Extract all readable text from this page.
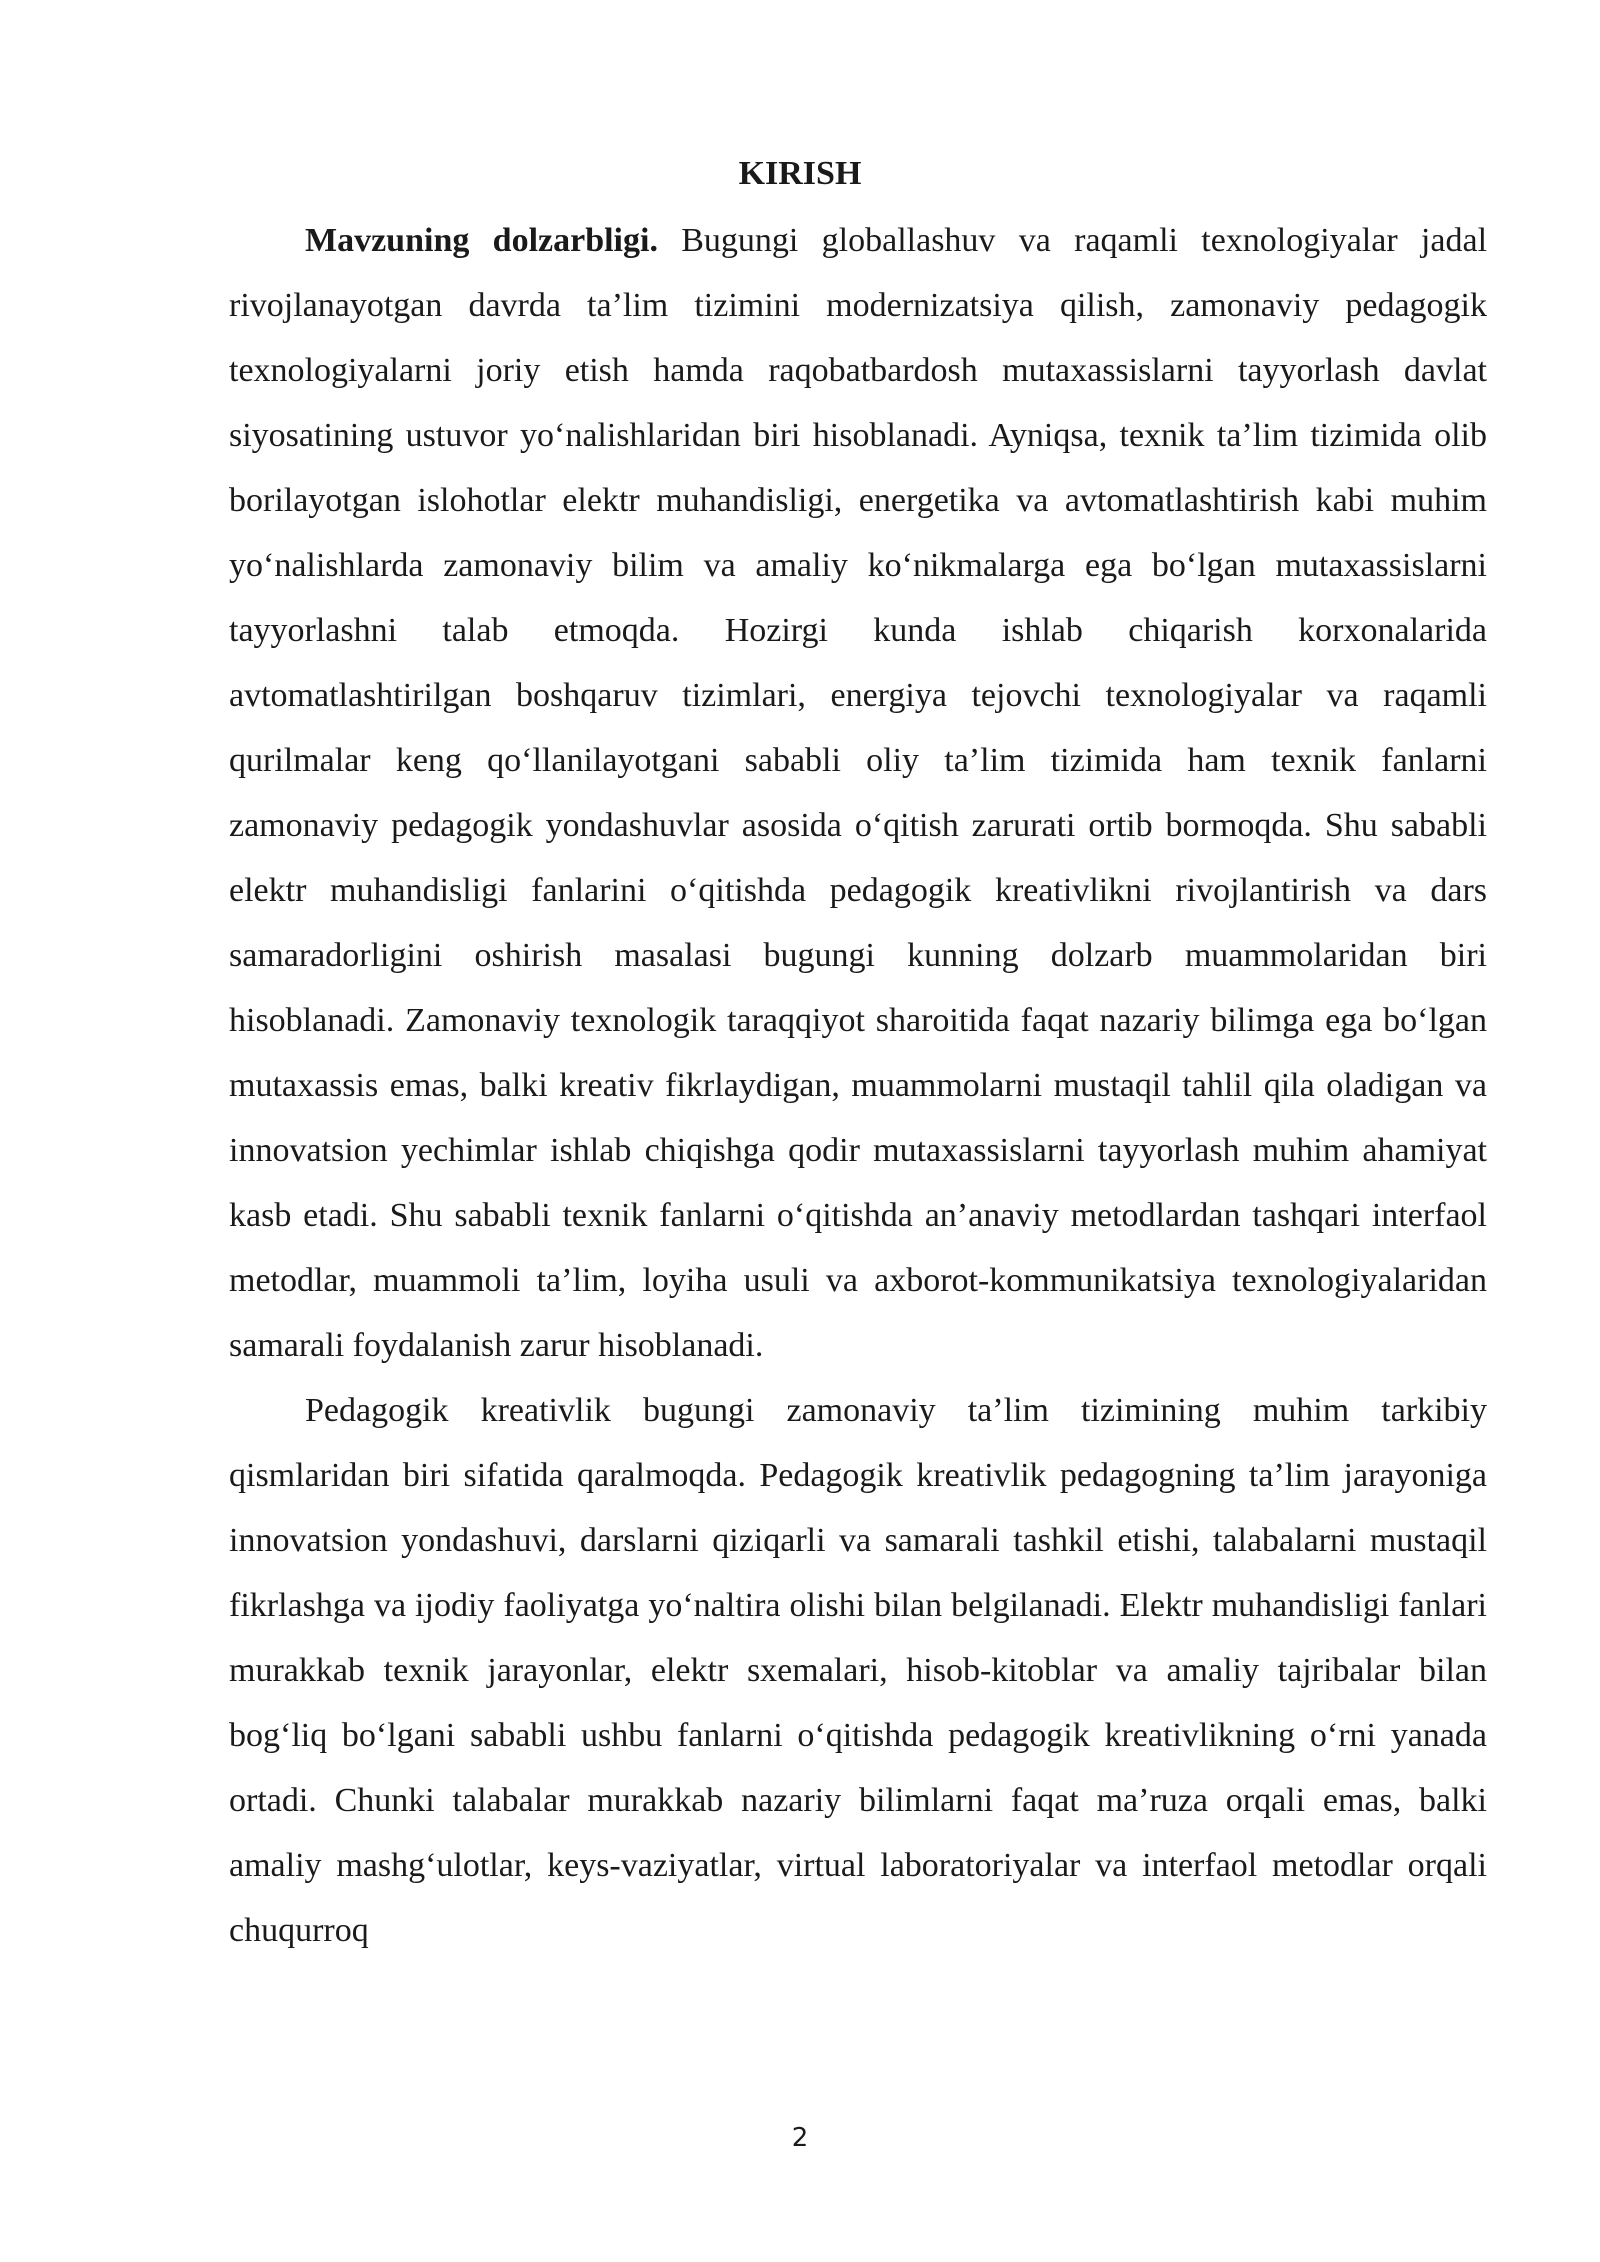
KIRISH

Mavzuning dolzarbligi. Bugungi globallashuv va raqamli texnologiyalar jadal rivojlanayotgan davrda ta’lim tizimini modernizatsiya qilish, zamonaviy pedagogik texnologiyalarni joriy etish hamda raqobatbardosh mutaxassislarni tayyorlash davlat siyosatining ustuvor yo‘nalishlaridan biri hisoblanadi. Ayniqsa, texnik ta’lim tizimida olib borilayotgan islohotlar elektr muhandisligi, energetika va avtomatlashtirish kabi muhim yo‘nalishlarda zamonaviy bilim va amaliy ko‘nikmalarga ega bo‘lgan mutaxassislarni tayyorlashni talab etmoqda. Hozirgi kunda ishlab chiqarish korxonalarida avtomatlashtirilgan boshqaruv tizimlari, energiya tejovchi texnologiyalar va raqamli qurilmalar keng qo‘llanilayotgani sababli oliy ta’lim tizimida ham texnik fanlarni zamonaviy pedagogik yondashuvlar asosida o‘qitish zarurati ortib bormoqda. Shu sababli elektr muhandisligi fanlarini o‘qitishda pedagogik kreativlikni rivojlantirish va dars samaradorligini oshirish masalasi bugungi kunning dolzarb muammolaridan biri hisoblanadi. Zamonaviy texnologik taraqqiyot sharoitida faqat nazariy bilimga ega bo‘lgan mutaxassis emas, balki kreativ fikrlaydigan, muammolarni mustaqil tahlil qila oladigan va innovatsion yechimlar ishlab chiqishga qodir mutaxassislarni tayyorlash muhim ahamiyat kasb etadi. Shu sababli texnik fanlarni o‘qitishda an’anaviy metodlardan tashqari interfaol metodlar, muammoli ta’lim, loyiha usuli va axborot-kommunikatsiya texnologiyalaridan samarali foydalanish zarur hisoblanadi.

Pedagogik kreativlik bugungi zamonaviy ta’lim tizimining muhim tarkibiy qismlaridan biri sifatida qaralmoqda. Pedagogik kreativlik pedagogning ta’lim jarayoniga innovatsion yondashuvi, darslarni qiziqarli va samarali tashkil etishi, talabalarni mustaqil fikrlashga va ijodiy faoliyatga yo‘naltira olishi bilan belgilanadi. Elektr muhandisligi fanlari murakkab texnik jarayonlar, elektr sxemalari, hisob-kitoblar va amaliy tajribalar bilan bog‘liq bo‘lgani sababli ushbu fanlarni o‘qitishda pedagogik kreativlikning o‘rni yanada ortadi. Chunki talabalar murakkab nazariy bilimlarni faqat ma’ruza orqali emas, balki amaliy mashg‘ulotlar, keys-vaziyatlar, virtual laboratoriyalar va interfaol metodlar orqali chuqurroq

2
